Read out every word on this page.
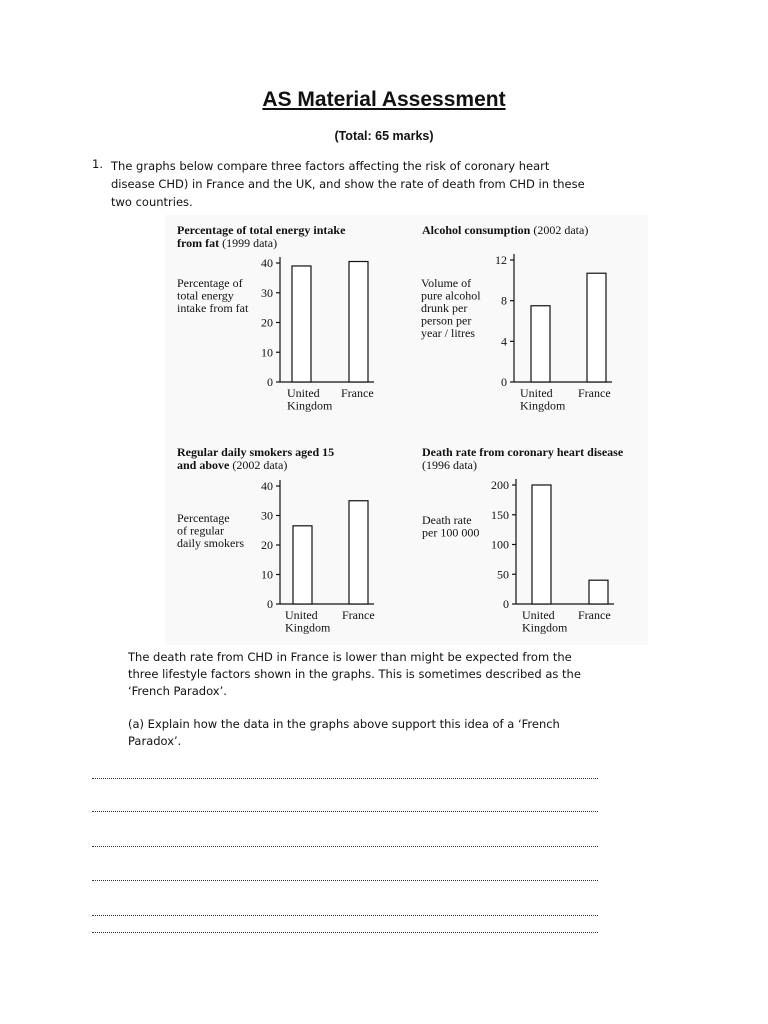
AS Material Assessment
(Total: 65 marks)
1. The graphs below compare three factors affecting the risk of coronary heart
disease CHD) in France and the UK, and show the rate of death from CHD in these
two countries.
Percentage of total energy intake
from fat (1999 data)
Percentage of
total energy
intake from fat
0
10
20
30
40
United
Kingdom
France
Alcohol consumption (2002 data)
Volume of
pure alcohol
drunk per
person per
year / litres
0
4
8
12
United
Kingdom
France
Regular daily smokers aged 15
and above (2002 data)
Percentage
of regular
daily smokers
0
10
20
30
40
United
Kingdom
France
Death rate from coronary heart disease
(1996 data)
Death rate
per 100 000
0
50
100
150
200
United
Kingdom
France
The death rate from CHD in France is lower than might be expected from the
three lifestyle factors shown in the graphs. This is sometimes described as the
‘French Paradox’.
(a) Explain how the data in the graphs above support this idea of a ‘French
Paradox’.
